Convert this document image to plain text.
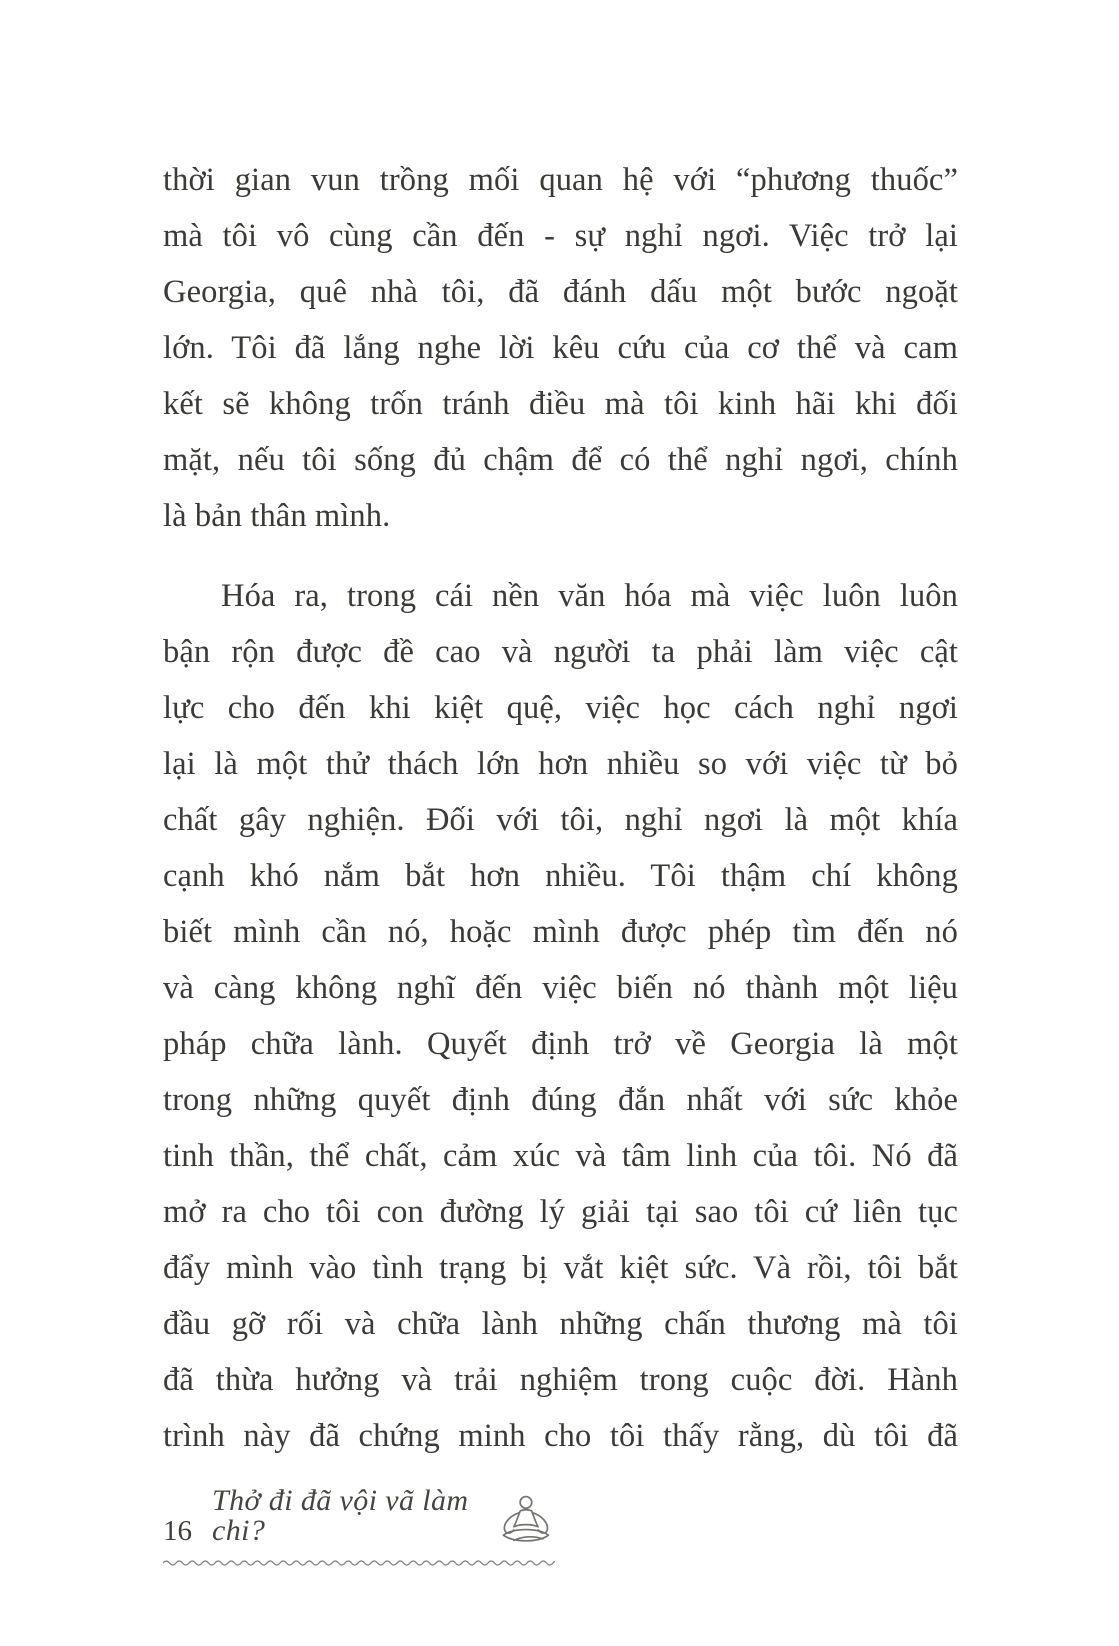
thời gian vun trồng mối quan hệ với “phương thuốc”
mà tôi vô cùng cần đến - sự nghỉ ngơi. Việc trở lại
Georgia, quê nhà tôi, đã đánh dấu một bước ngoặt
lớn. Tôi đã lắng nghe lời kêu cứu của cơ thể và cam
kết sẽ không trốn tránh điều mà tôi kinh hãi khi đối
mặt, nếu tôi sống đủ chậm để có thể nghỉ ngơi, chính
là bản thân mình.
Hóa ra, trong cái nền văn hóa mà việc luôn luôn
bận rộn được đề cao và người ta phải làm việc cật
lực cho đến khi kiệt quệ, việc học cách nghỉ ngơi
lại là một thử thách lớn hơn nhiều so với việc từ bỏ
chất gây nghiện. Đối với tôi, nghỉ ngơi là một khía
cạnh khó nắm bắt hơn nhiều. Tôi thậm chí không
biết mình cần nó, hoặc mình được phép tìm đến nó
và càng không nghĩ đến việc biến nó thành một liệu
pháp chữa lành. Quyết định trở về Georgia là một
trong những quyết định đúng đắn nhất với sức khỏe
tinh thần, thể chất, cảm xúc và tâm linh của tôi. Nó đã
mở ra cho tôi con đường lý giải tại sao tôi cứ liên tục
đẩy mình vào tình trạng bị vắt kiệt sức. Và rồi, tôi bắt
đầu gỡ rối và chữa lành những chấn thương mà tôi
đã thừa hưởng và trải nghiệm trong cuộc đời. Hành
trình này đã chứng minh cho tôi thấy rằng, dù tôi đã
16
Thở đi đã vội vã làm chi?
